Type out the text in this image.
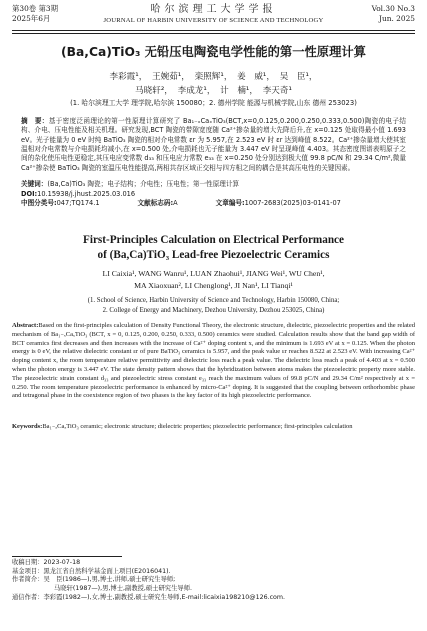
第30卷 第3期
2025年6月
哈尔滨理工大学学报
JOURNAL OF HARBIN UNIVERSITY OF SCIENCE AND TECHNOLOGY
Vol.30 No.3
Jun. 2025
(Ba,Ca)TiO₃ 无铅压电陶瓷电学性能的第一性原理计算
李彩霞¹， 王婉茹¹， 栾照辉¹， 姜　威¹， 吴　臣¹，
马晓轩²， 李成龙¹， 计　楠¹， 李天奇¹
(1. 哈尔滨理工大学 理学院,哈尔滨 150080；2. 德州学院 能源与机械学院,山东 德州 253023)
摘　要：基于密度泛函理论的第一性原理计算研究了 Ba₁₋ₓCaₓTiO₃(BCT,x=0,0.125,0.200,0.250,0.333,0.500)陶瓷的电子结构、介电、压电性能及相关机理。研究发现,BCT 陶瓷的带隙宽度随 Ca²⁺掺杂量的增大先降后升,在 x=0.125 处取得最小值 1.693 eV。光子能量为 0 eV 时纯 BaTiO₃ 陶瓷的相对介电常数 εr 为 5.957,在 2.523 eV 时 εr 达到峰值 8.522。Ca²⁺掺杂量增大使其室温相对介电常数与介电损耗均减小,在 x=0.500 处,介电损耗也无子能量为 3.447 eV 时呈现峰值 4.403。其态密度图谱表明原子之间的杂化使压电性更稳定,其压电应变常数 d₃₃ 和压电应力常数 e₃₃ 在 x=0.250 处分别达到极大值 99.8 pC/N 和 29.34 C/m²,微量 Ca²⁺掺杂使 BaTiO₃ 陶瓷的室温压电性能提高,两相共存区域正交相与四方相之间的耦合是其高压电性的关键因素。
关键词：(Ba,Ca)TiO₃ 陶瓷；电子结构；介电性；压电性；第一性原理计算
DOI:10.15938/j.jhust.2025.03.016
中图分类号:047;TQ174.1	文献标志码:A	文章编号:1007-2683(2025)03-0141-07
First-Principles Calculation on Electrical Performance
of (Ba,Ca)TiO₃ Lead-free Piezoelectric Ceramics
LI Caixia¹, WANG Wanru¹, LUAN Zhaohui¹, JIANG Wei¹, WU Chen¹,
MA Xiaoxuan², LI Chenglong¹, JI Nan¹, LI Tianqi¹
(1. School of Science, Harbin University of Science and Technology, Harbin 150080, China;
2. College of Energy and Machinery, Dezhou University, Dezhou 253025, China)
Abstract:Based on the first-principles calculation of Density Functional Theory, the electronic structure, dielectric, piezoelectric properties and the related mechanism of Ba₁₋ₓCaₓTiO₃ (BCT, x = 0, 0.125, 0.200, 0.250, 0.333, 0.500) ceramics were studied. Calculation results show that the band gap width of BCT ceramics first decreases and then increases with the increase of Ca²⁺ doping content x, and the minimum is 1.693 eV at x = 0.125. When the photon energy is 0 eV, the relative dielectric constant εr of pure BaTiO₃ ceramics is 5.957, and the peak value εr reaches 8.522 at 2.523 eV. With increasing Ca²⁺ doping content x, the room temperature relative permittivity and dielectric loss reach a peak value. The dielectric loss reach a peak of 4.403 at x = 0.500 when the photon energy is 3.447 eV. The state density pattern shows that the hybridization between atoms makes the piezoelectric property more stable. The piezoelectric strain constant d₃₃ and piezoelectric stress constant e₃₃ reach the maximum values of 99.8 pC/N and 29.34 C/m² respectively at x = 0.250. The room temperature piezoelectric performance is enhanced by micro-Ca²⁺ doping. It is suggested that the coupling between orthorhombic phase and tetragonal phase in the coexistence region of two phases is the key factor of its high piezoelectric performance.
Keywords:Ba₁₋ₓCaₓTiO₃ ceramic; electronic structure; dielectric properties; piezoelectric performance; first-principles calculation
收稿日期：2023-07-18
基金项目：黑龙江省自然科学基金面上项目(E2016041).
作者简介：吴　臣(1986—),男,博士,讲师,硕士研究生导师;
马晓轩(1987—),男,博士,副教授,硕士研究生导师.
通信作者：李彩霞(1982—),女,博士,副教授,硕士研究生导师,E-mail:licaixia198210@126.com.
